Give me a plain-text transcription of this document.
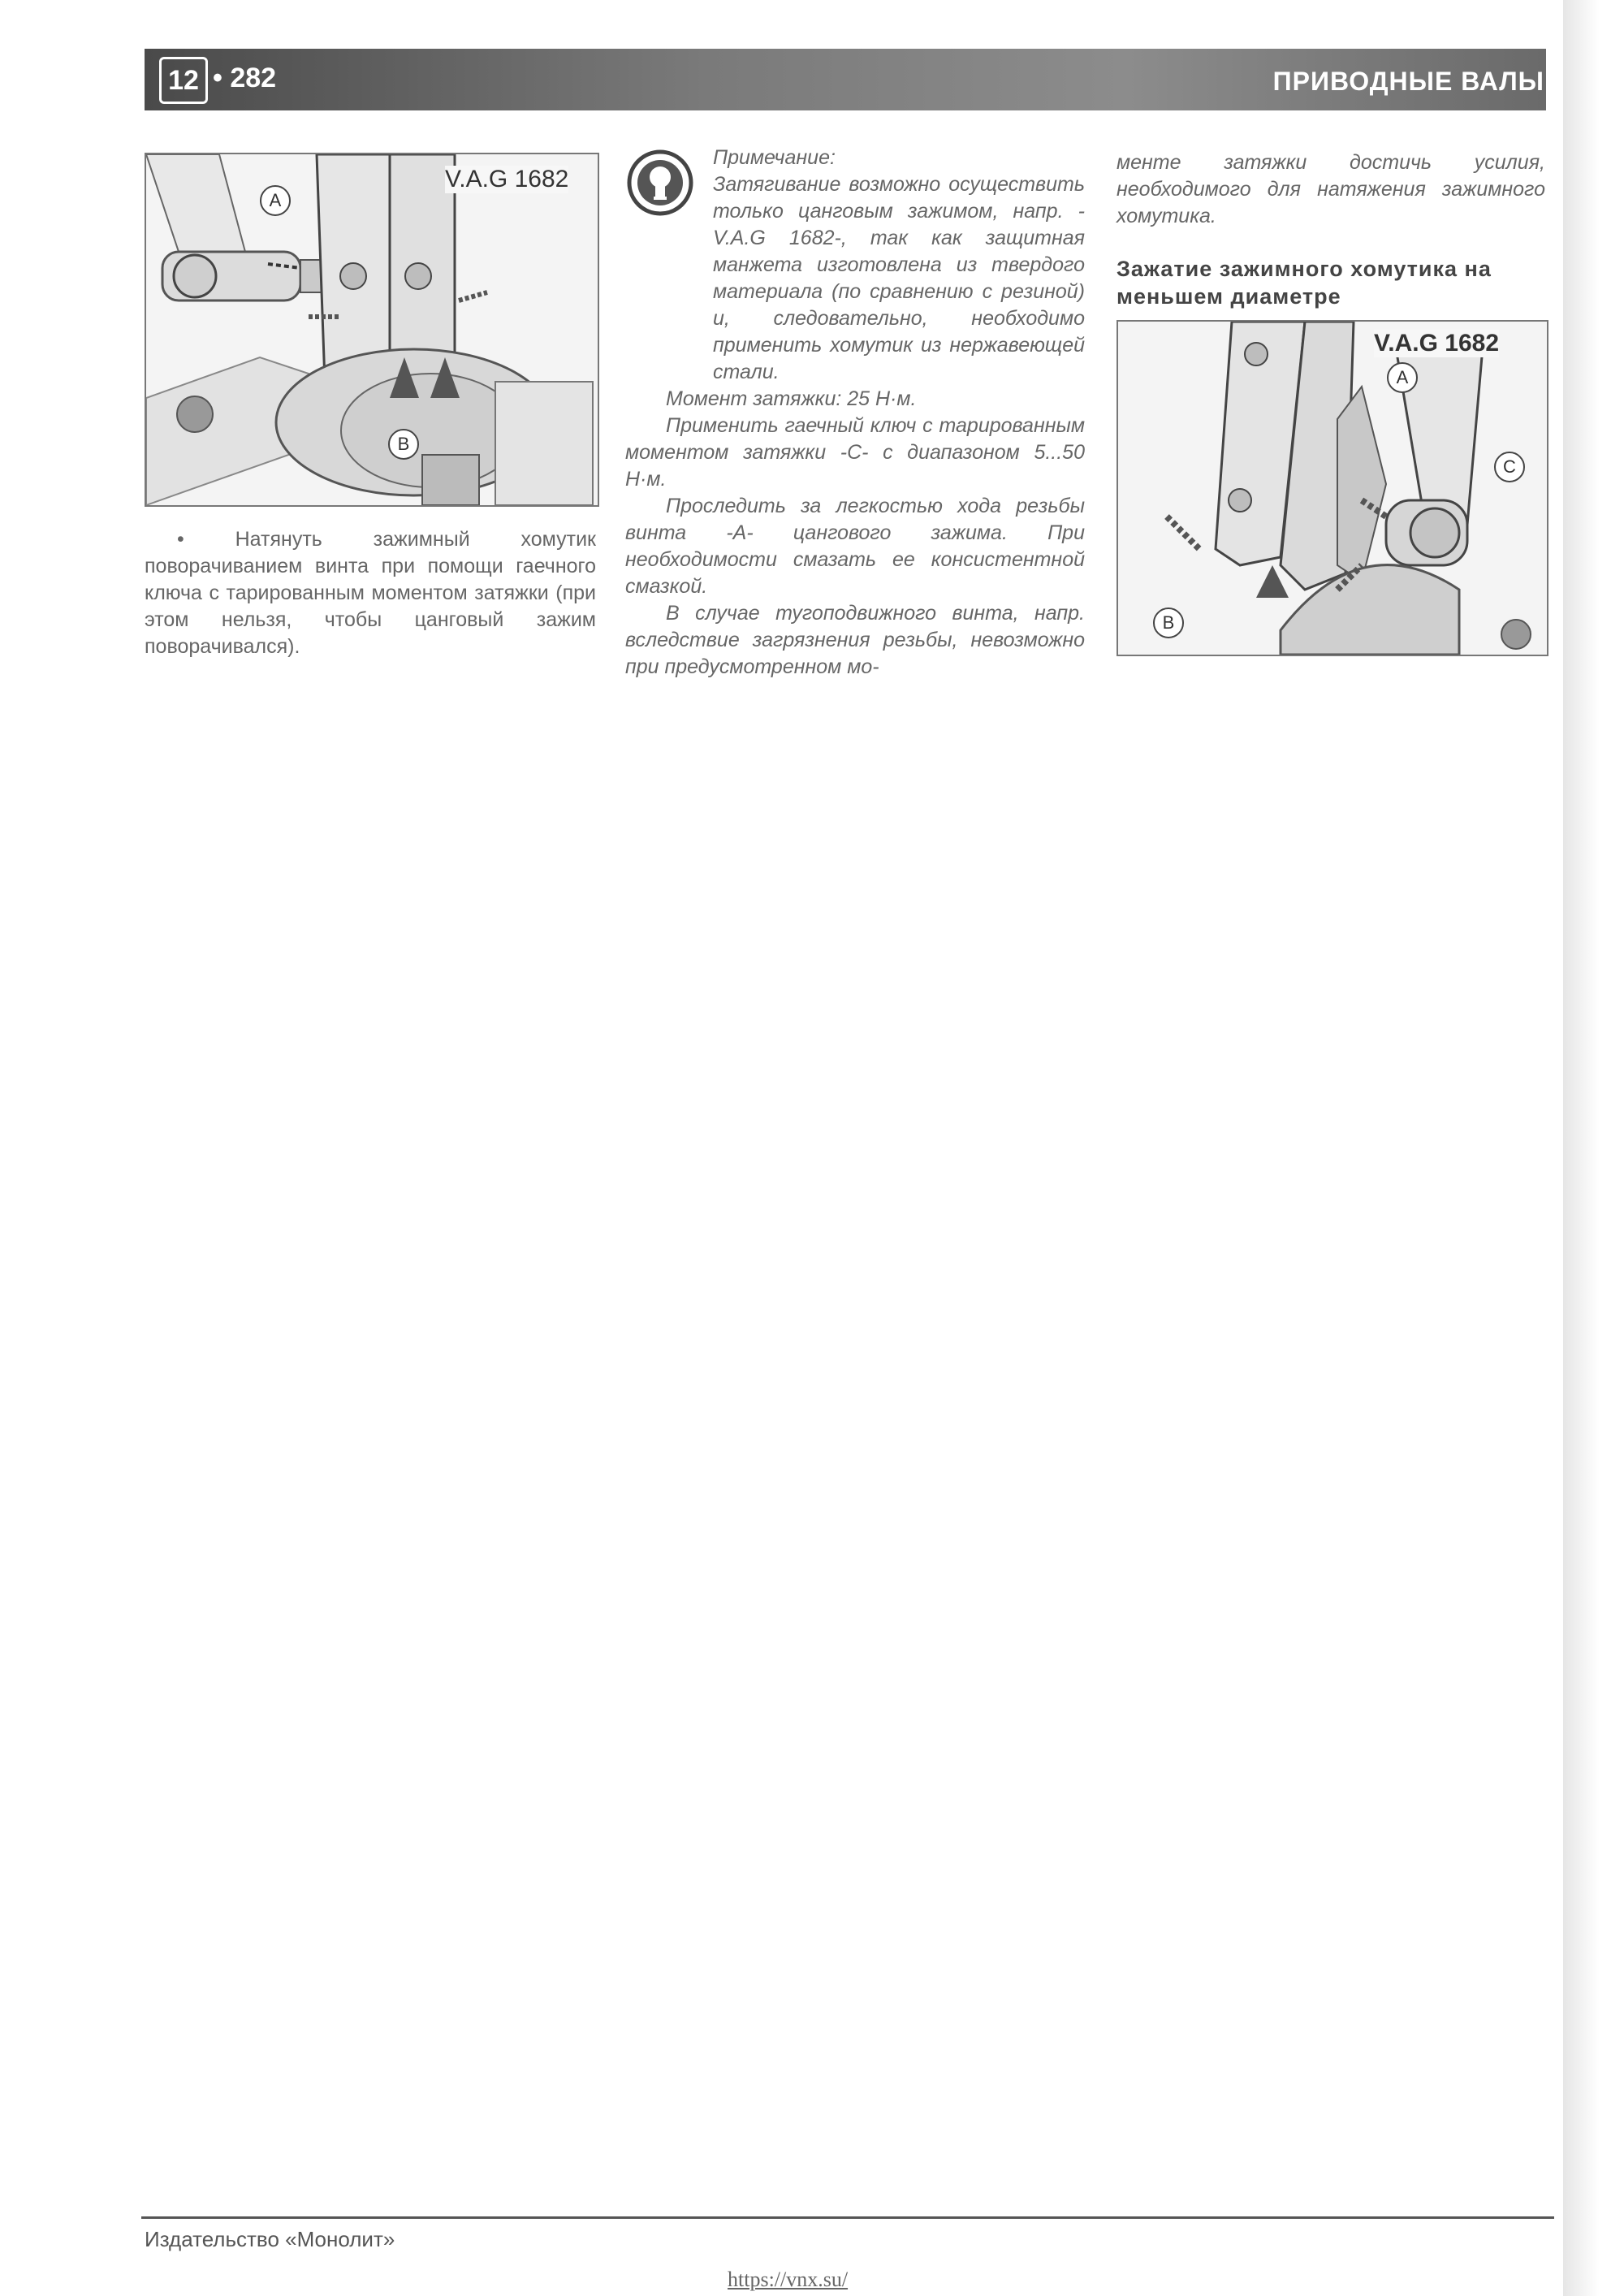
12 • 282	ПРИВОДНЫЕ ВАЛЫ
V.A.G 1682
A
B

• Натянуть зажимный хомутик поворачиванием винта при помощи гаечного ключа с тарированным моментом затяжки (при этом нельзя, чтобы цанговый зажим поворачивался).

Примечание:

Затягивание возможно осуществить только цанговым зажимом, напр. -V.A.G 1682-, так как защитная манжета изготовлена из твердого материала (по сравнению с резиной) и, следовательно, необходимо применить хомутик из нержавеющей стали.

Момент затяжки: 25 Н·м.

Применить гаечный ключ с тарированным моментом затяжки -С- с диапазоном 5...50 Н·м.

Проследить за легкостью хода резьбы винта -А- цангового зажима. При необходимости смазать ее консистентной смазкой.

В случае тугоподвижного винта, напр. вследствие загрязнения резьбы, невозможно при предусмотренном мо-

менте затяжки достичь усилия, необходимого для натяжения зажимного хомутика.

Зажатие зажимного хомутика на меньшем диаметре
V.A.G 1682
A
B
C
Издательство «Монолит»
https://vnx.su/
